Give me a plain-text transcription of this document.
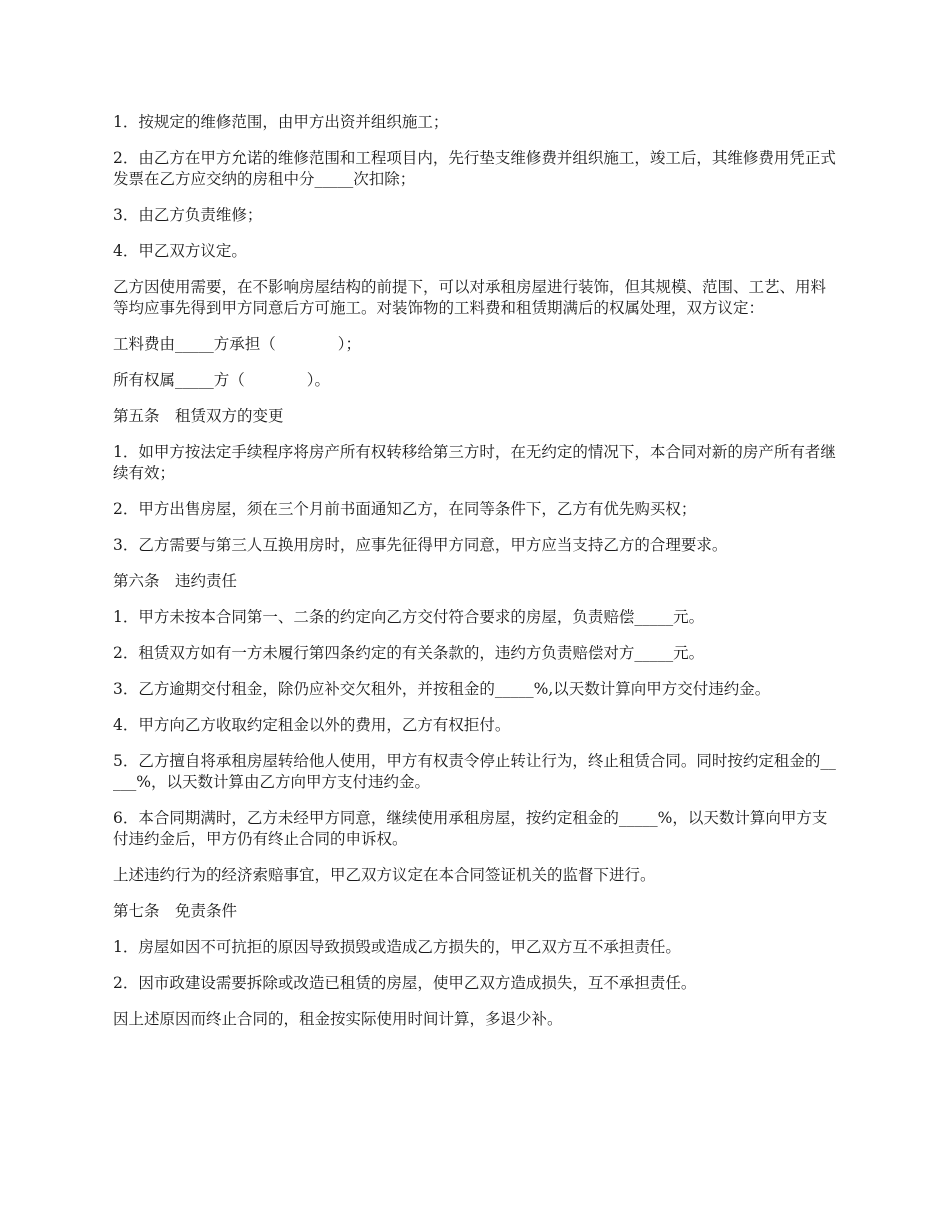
1．按规定的维修范围，由甲方出资并组织施工；

2．由乙方在甲方允诺的维修范围和工程项目内，先行垫支维修费并组织施工，竣工后，其维修费用凭正式发票在乙方应交纳的房租中分_____次扣除；

3．由乙方负责维修；

4．甲乙双方议定。

乙方因使用需要，在不影响房屋结构的前提下，可以对承租房屋进行装饰，但其规模、范围、工艺、用料等均应事先得到甲方同意后方可施工。对装饰物的工料费和租赁期满后的权属处理，双方议定：

工料费由_____方承担（　　　　）；

所有权属_____方（　　　　）。

第五条　租赁双方的变更

1．如甲方按法定手续程序将房产所有权转移给第三方时，在无约定的情况下，本合同对新的房产所有者继续有效；

2．甲方出售房屋，须在三个月前书面通知乙方，在同等条件下，乙方有优先购买权；

3．乙方需要与第三人互换用房时，应事先征得甲方同意，甲方应当支持乙方的合理要求。

第六条　违约责任

1．甲方未按本合同第一、二条的约定向乙方交付符合要求的房屋，负责赔偿_____元。

2．租赁双方如有一方未履行第四条约定的有关条款的，违约方负责赔偿对方_____元。

3．乙方逾期交付租金，除仍应补交欠租外，并按租金的_____%,以天数计算向甲方交付违约金。

4．甲方向乙方收取约定租金以外的费用，乙方有权拒付。

5．乙方擅自将承租房屋转给他人使用，甲方有权责令停止转让行为，终止租赁合同。同时按约定租金的_____%，以天数计算由乙方向甲方支付违约金。

6．本合同期满时，乙方未经甲方同意，继续使用承租房屋，按约定租金的_____%，以天数计算向甲方支付违约金后，甲方仍有终止合同的申诉权。

上述违约行为的经济索赔事宜，甲乙双方议定在本合同签证机关的监督下进行。

第七条　免责条件

1．房屋如因不可抗拒的原因导致损毁或造成乙方损失的，甲乙双方互不承担责任。

2．因市政建设需要拆除或改造已租赁的房屋，使甲乙双方造成损失，互不承担责任。

因上述原因而终止合同的，租金按实际使用时间计算，多退少补。
